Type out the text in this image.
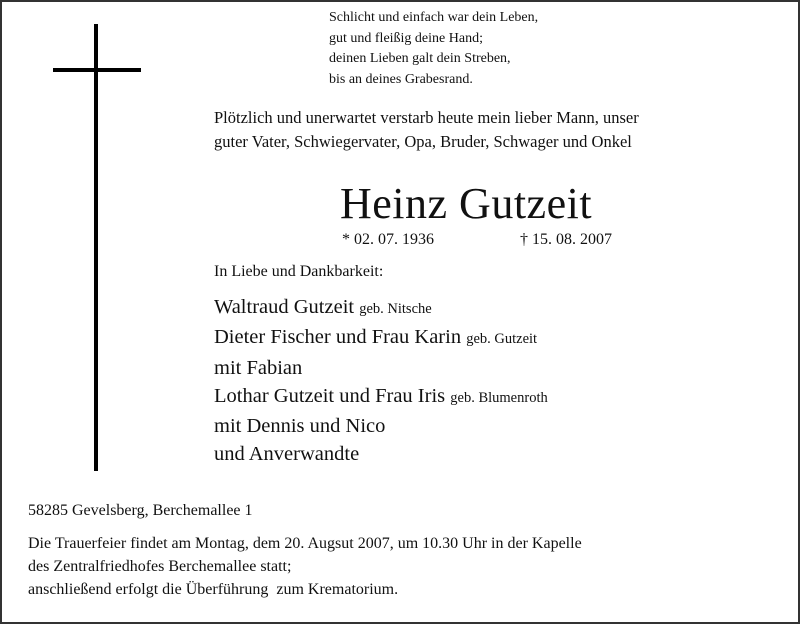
Schlicht und einfach war dein Leben,
gut und fleißig deine Hand;
deinen Lieben galt dein Streben,
bis an deines Grabesrand.
Plötzlich und unerwartet verstarb heute mein lieber Mann, unser
guter Vater, Schwiegervater, Opa, Bruder, Schwager und Onkel
Heinz Gutzeit
* 02. 07. 1936	† 15. 08. 2007
In Liebe und Dankbarkeit:
Waltraud Gutzeit geb. Nitsche
Dieter Fischer und Frau Karin geb. Gutzeit
mit Fabian
Lothar Gutzeit und Frau Iris geb. Blumenroth
mit Dennis und Nico
und Anverwandte
58285 Gevelsberg, Berchemallee 1
Die Trauerfeier findet am Montag, dem 20. Augsut 2007, um 10.30 Uhr in der Kapelle
des Zentralfriedhofes Berchemallee statt;
anschließend erfolgt die Überführung  zum Krematorium.
